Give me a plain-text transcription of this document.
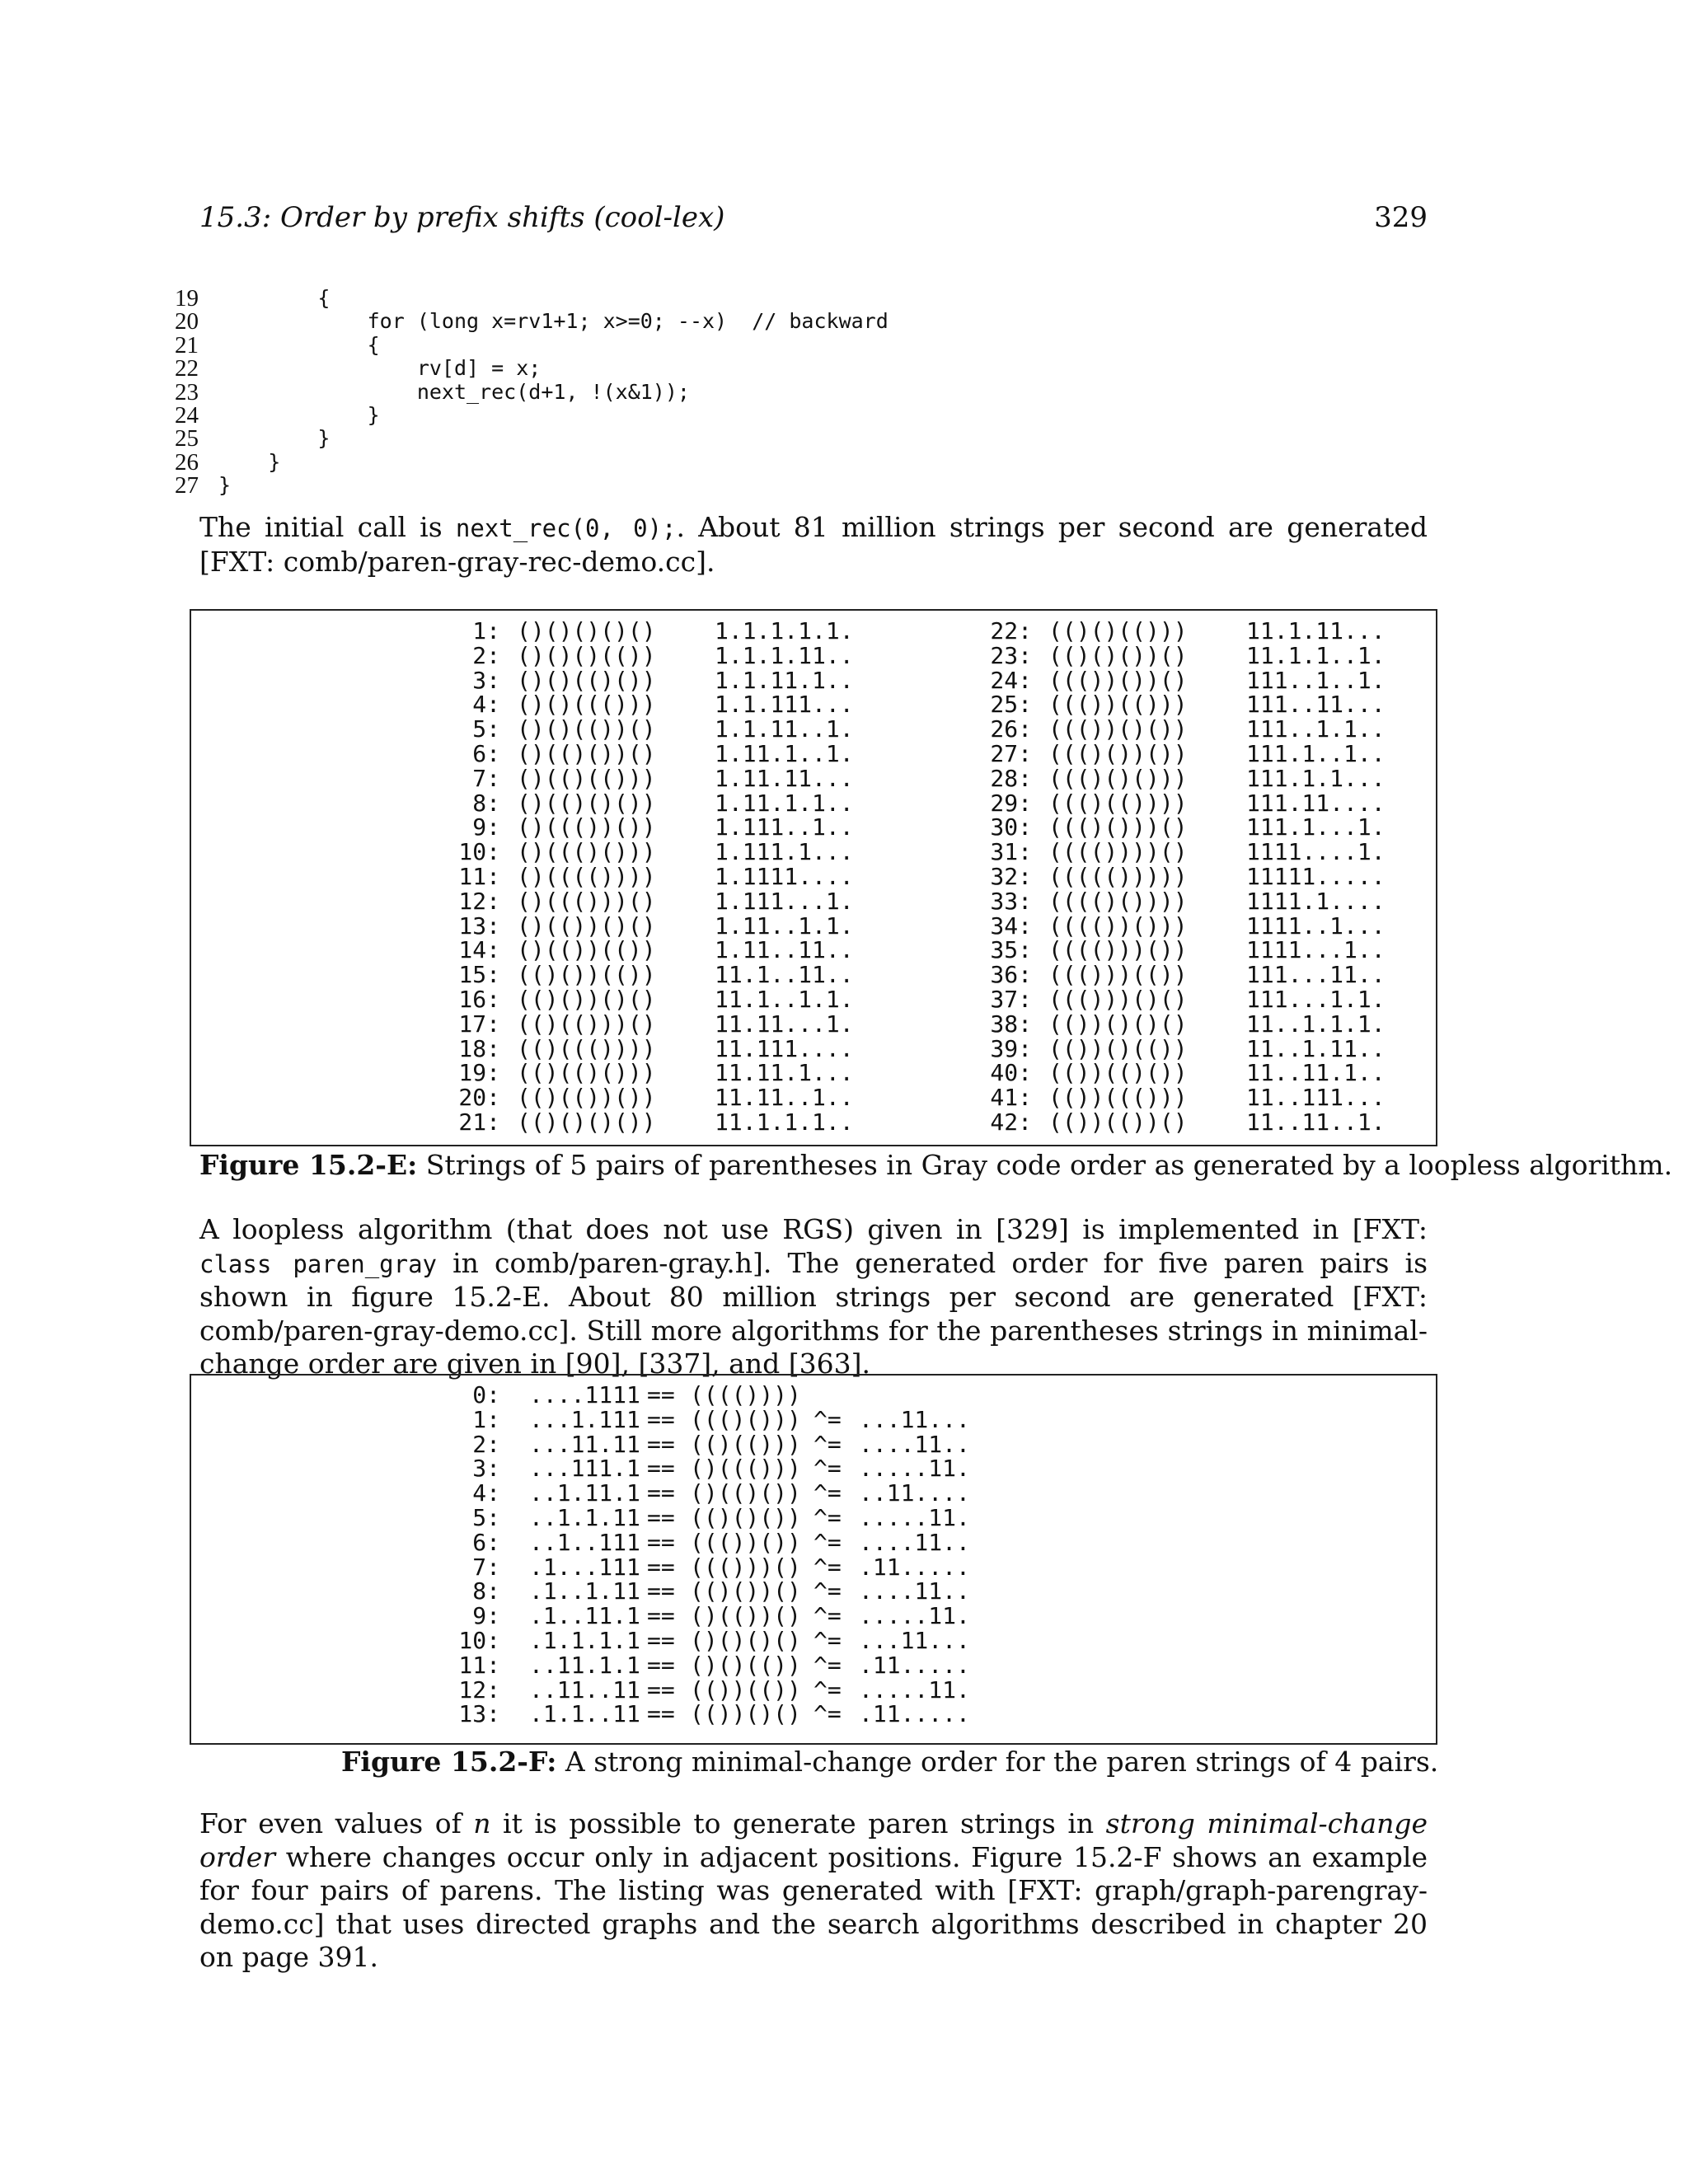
15.3: Order by prefix shifts (cool-lex)	329
19 {
20 for (long x=rv1+1; x>=0; --x)  // backward
21 {
22 rv[d] = x;
23 next_rec(d+1, !(x&1));
24 }
25 }
26 }
27 }
The initial call is next_rec(0, 0);. About 81 million strings per second are generated [FXT: comb/paren-gray-rec-demo.cc].
1: ()()()()()	1.1.1.1.1.
2: ()()()(())	1.1.1.11..
3: ()()(()())	1.1.11.1..
4: ()()((()))	1.1.111...
5: ()()(())()	1.1.11..1.
6: ()(()())()	1.11.1..1.
7: ()(()(()))	1.11.11...
8: ()(()()())	1.11.1.1..
9: ()((())())	1.111..1..
10: ()((()()))	1.111.1...
11: ()(((())))	1.1111....
12: ()((()))()	1.111...1.
13: ()(())()()	1.11..1.1.
14: ()(())(())	1.11..11..
15: (()())(())	11.1..11..
16: (()())()()	11.1..1.1.
17: (()(()))()	11.11...1.
18: (()((())))	11.111....
19: (()(()()))	11.11.1...
20: (()(())())	11.11..1..
21: (()()()())	11.1.1.1..
22: (()()(()))	11.1.11...
23: (()()())()	11.1.1..1.
24: ((())())()	111..1..1.
25: ((())(()))	111..11...
26: ((())()())	111..1.1..
27: ((()())())	111.1..1..
28: ((()()()))	111.1.1...
29: ((()(())))	111.11....
30: ((()()))()	111.1...1.
31: (((())))()	1111....1.
32: ((((()))))	11111.....
33: (((()())))	1111.1....
34: (((())()))	1111..1...
35: (((()))())	1111...1..
36: ((()))(())	111...11..
37: ((()))()()	111...1.1.
38: (())()()()	11..1.1.1.
39: (())()(())	11..1.11..
40: (())(()())	11..11.1..
41: (())((()))	11..111...
42: (())(())()	11..11..1.
Figure 15.2-E: Strings of 5 pairs of parentheses in Gray code order as generated by a loopless algorithm.
A loopless algorithm (that does not use RGS) given in [329] is implemented in [FXT: class paren_gray in comb/paren-gray.h]. The generated order for five paren pairs is shown in figure 15.2-E. About 80 million strings per second are generated [FXT: comb/paren-gray-demo.cc]. Still more algorithms for the parentheses strings in minimal-change order are given in [90], [337], and [363].
0: ....1111 == (((())))
1: ...1.111 == ((()())) ^= ...11...
2: ...11.11 == (()(())) ^= ....11..
3: ...111.1 == ()((())) ^= .....11.
4: ..1.11.1 == ()(()()) ^= ..11....
5: ..1.1.11 == (()()()) ^= .....11.
6: ..1..111 == ((())()) ^= ....11..
7: .1...111 == ((()))() ^= .11.....
8: .1..1.11 == (()())() ^= ....11..
9: .1..11.1 == ()(())() ^= .....11.
10: .1.1.1.1 == ()()()() ^= ...11...
11: ..11.1.1 == ()()(()) ^= .11.....
12: ..11..11 == (())(()) ^= .....11.
13: .1.1..11 == (())()() ^= .11.....
Figure 15.2-F: A strong minimal-change order for the paren strings of 4 pairs.
For even values of n it is possible to generate paren strings in strong minimal-change order where changes occur only in adjacent positions. Figure 15.2-F shows an example for four pairs of parens. The listing was generated with [FXT: graph/graph-parengray-demo.cc] that uses directed graphs and the search algorithms described in chapter 20 on page 391.
